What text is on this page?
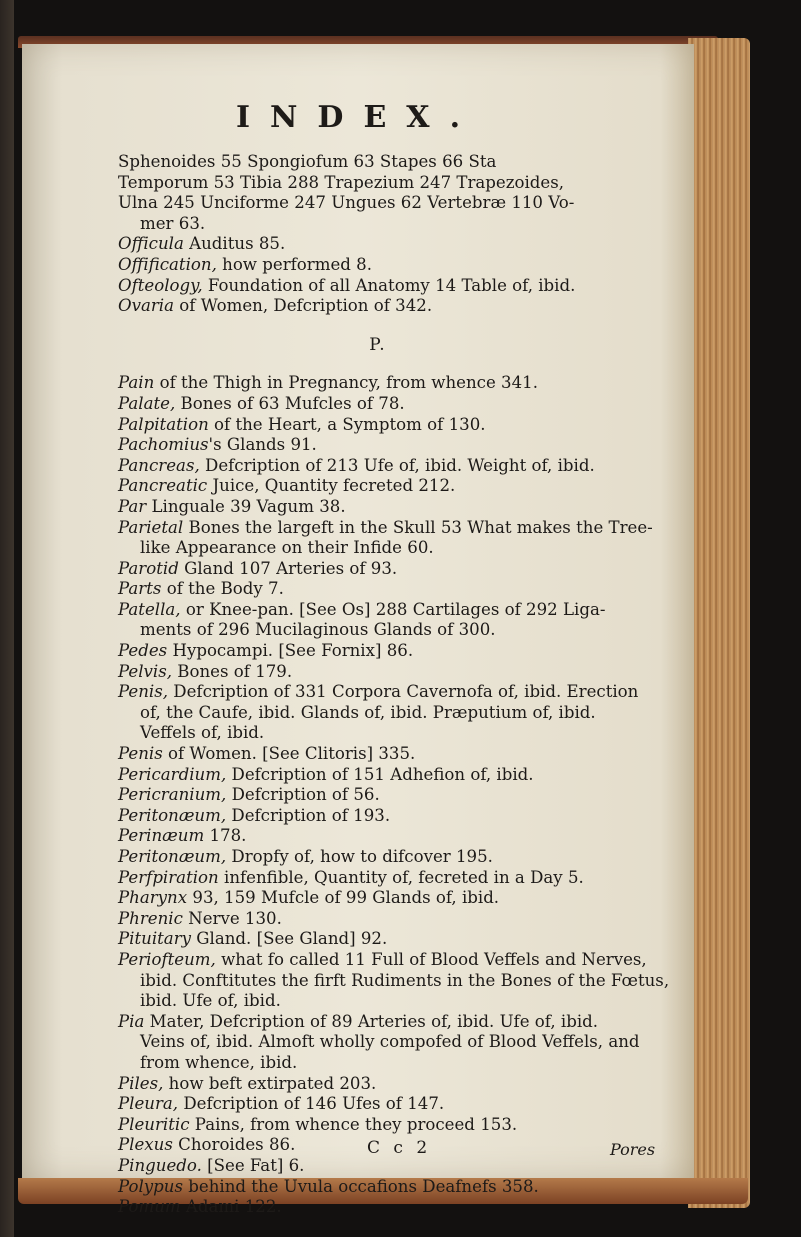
INDEX.
Sphenoides 55 Spongiofum 63 Stapes 66 Sta
Temporum 53 Tibia 288 Trapezium 247 Trapezoides,
Ulna 245 Unciforme 247 Ungues 62 Vertebræ 110 Vo-
mer 63.
Officula Auditus 85.
Offification, how performed 8.
Ofteology, Foundation of all Anatomy 14 Table of, ibid.
Ovaria of Women, Defcription of 342.
P.
Pain of the Thigh in Pregnancy, from whence 341.
Palate, Bones of 63 Mufcles of 78.
Palpitation of the Heart, a Symptom of 130.
Pachomius's Glands 91.
Pancreas, Defcription of 213 Ufe of, ibid. Weight of, ibid.
Pancreatic Juice, Quantity fecreted 212.
Par Linguale 39 Vagum 38.
Parietal Bones the largeft in the Skull 53 What makes the Tree-
like Appearance on their Infide 60.
Parotid Gland 107 Arteries of 93.
Parts of the Body 7.
Patella, or Knee-pan. [See Os] 288 Cartilages of 292 Liga-
ments of 296 Mucilaginous Glands of 300.
Pedes Hypocampi. [See Fornix] 86.
Pelvis, Bones of 179.
Penis, Defcription of 331 Corpora Cavernofa of, ibid. Erection
of, the Caufe, ibid. Glands of, ibid. Præputium of, ibid.
Veffels of, ibid.
Penis of Women. [See Clitoris] 335.
Pericardium, Defcription of 151 Adhefion of, ibid.
Pericranium, Defcription of 56.
Peritonæum, Defcription of 193.
Perinæum 178.
Peritonæum, Dropfy of, how to difcover 195.
Perfpiration infenfible, Quantity of, fecreted in a Day 5.
Pharynx 93, 159 Mufcle of 99 Glands of, ibid.
Phrenic Nerve 130.
Pituitary Gland. [See Gland] 92.
Periofteum, what fo called 11 Full of Blood Veffels and Nerves,
ibid. Conftitutes the firft Rudiments in the Bones of the Fœtus,
ibid. Ufe of, ibid.
Pia Mater, Defcription of 89 Arteries of, ibid. Ufe of, ibid.
Veins of, ibid. Almoft wholly compofed of Blood Veffels, and
from whence, ibid.
Piles, how beft extirpated 203.
Pleura, Defcription of 146 Ufes of 147.
Pleuritic Pains, from whence they proceed 153.
Plexus Choroides 86.
Pinguedo. [See Fat] 6.
Polypus behind the Uvula occafions Deafnefs 358.
Pomum Adami 122.
C c 2	Pores
